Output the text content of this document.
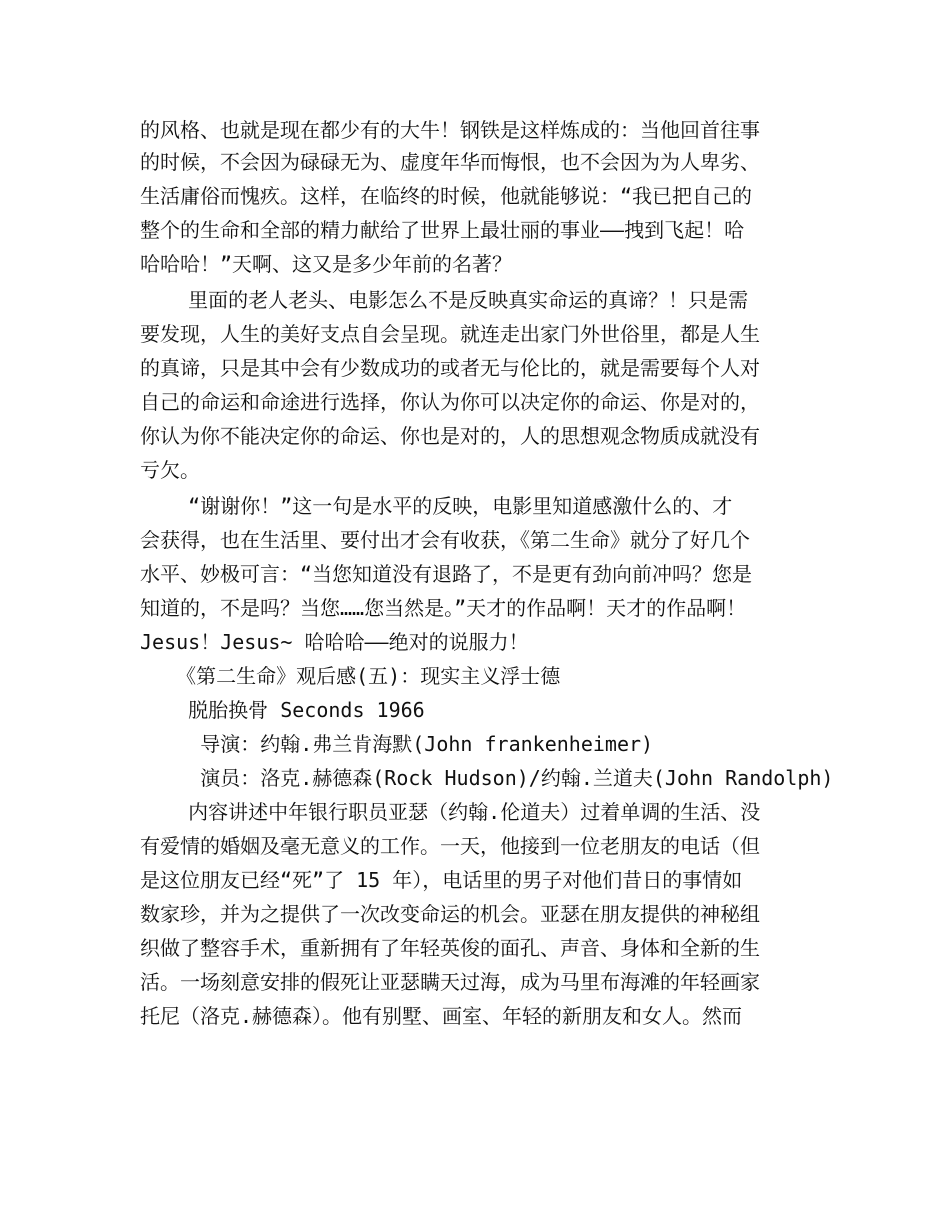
的风格、也就是现在都少有的大牛！钢铁是这样炼成的：当他回首往事
的时候，不会因为碌碌无为、虚度年华而悔恨，也不会因为为人卑劣、
生活庸俗而愧疚。这样，在临终的时候，他就能够说：“我已把自己的
整个的生命和全部的精力献给了世界上最壮丽的事业——拽到飞起！哈
哈哈哈！”天啊、这又是多少年前的名著？
里面的老人老头、电影怎么不是反映真实命运的真谛？！只是需
要发现，人生的美好支点自会呈现。就连走出家门外世俗里，都是人生
的真谛，只是其中会有少数成功的或者无与伦比的，就是需要每个人对
自己的命运和命途进行选择，你认为你可以决定你的命运、你是对的，
你认为你不能决定你的命运、你也是对的，人的思想观念物质成就没有
亏欠。
“谢谢你！”这一句是水平的反映，电影里知道感激什么的、才
会获得，也在生活里、要付出才会有收获，《第二生命》就分了好几个
水平、妙极可言：“当您知道没有退路了，不是更有劲向前冲吗？您是
知道的，不是吗？当您……您当然是。”天才的作品啊！天才的作品啊！
Jesus！Jesus~ 哈哈哈——绝对的说服力！
《第二生命》观后感(五)：现实主义浮士德
脱胎换骨 Seconds 1966
导演：约翰.弗兰肯海默(John frankenheimer)
演员：洛克.赫德森(Rock Hudson)/约翰.兰道夫(John Randolph)
内容讲述中年银行职员亚瑟（约翰.伦道夫）过着单调的生活、没
有爱情的婚姻及毫无意义的工作。一天，他接到一位老朋友的电话（但
是这位朋友已经“死”了 15 年），电话里的男子对他们昔日的事情如
数家珍，并为之提供了一次改变命运的机会。亚瑟在朋友提供的神秘组
织做了整容手术，重新拥有了年轻英俊的面孔、声音、身体和全新的生
活。一场刻意安排的假死让亚瑟瞒天过海，成为马里布海滩的年轻画家
托尼（洛克.赫德森）。他有别墅、画室、年轻的新朋友和女人。然而
